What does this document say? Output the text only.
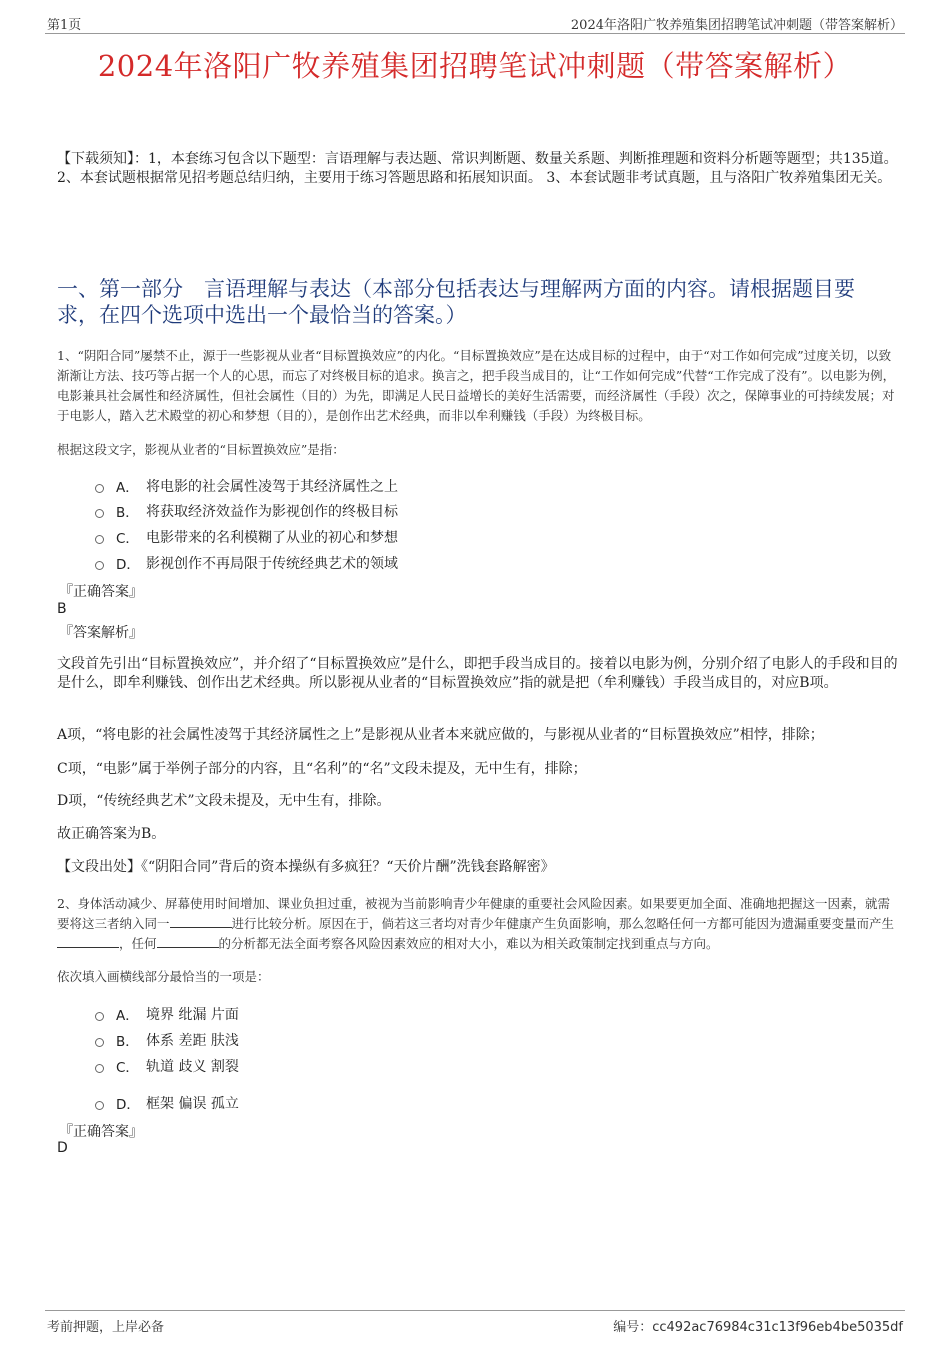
第1页	2024年洛阳广牧养殖集团招聘笔试冲刺题（带答案解析）
2024年洛阳广牧养殖集团招聘笔试冲刺题（带答案解析）
【下载须知】：1，本套练习包含以下题型：言语理解与表达题、常识判断题、数量关系题、判断推理题和资料分析题等题型；共135道。 2、本套试题根据常见招考题总结归纳，主要用于练习答题思路和拓展知识面。 3、本套试题非考试真题，且与洛阳广牧养殖集团无关。
一、第一部分　言语理解与表达（本部分包括表达与理解两方面的内容。请根据题目要求，在四个选项中选出一个最恰当的答案。）
1、“阴阳合同”屡禁不止，源于一些影视从业者“目标置换效应”的内化。“目标置换效应”是在达成目标的过程中，由于“对工作如何完成”过度关切，以致渐渐让方法、技巧等占据一个人的心思，而忘了对终极目标的追求。换言之，把手段当成目的，让“工作如何完成”代替“工作完成了没有”。以电影为例，电影兼具社会属性和经济属性，但社会属性（目的）为先，即满足人民日益增长的美好生活需要，而经济属性（手段）次之，保障事业的可持续发展；对于电影人，踏入艺术殿堂的初心和梦想（目的），是创作出艺术经典，而非以牟利赚钱（手段）为终极目标。
根据这段文字，影视从业者的“目标置换效应”是指：
A． 将电影的社会属性凌驾于其经济属性之上
B． 将获取经济效益作为影视创作的终极目标
C． 电影带来的名利模糊了从业的初心和梦想
D． 影视创作不再局限于传统经典艺术的领域
『正确答案』
B
『答案解析』
文段首先引出“目标置换效应”，并介绍了“目标置换效应”是什么，即把手段当成目的。接着以电影为例，分别介绍了电影人的手段和目的是什么，即牟利赚钱、创作出艺术经典。所以影视从业者的“目标置换效应”指的就是把（牟利赚钱）手段当成目的，对应B项。
A项，“将电影的社会属性凌驾于其经济属性之上”是影视从业者本来就应做的，与影视从业者的“目标置换效应”相悖，排除；
C项，“电影”属于举例子部分的内容，且“名利”的“名”文段未提及，无中生有，排除；
D项，“传统经典艺术”文段未提及，无中生有，排除。
故正确答案为B。
【文段出处】《“阴阳合同”背后的资本操纵有多疯狂？“天价片酬”洗钱套路解密》
2、身体活动减少、屏幕使用时间增加、课业负担过重，被视为当前影响青少年健康的重要社会风险因素。如果要更加全面、准确地把握这一因素，就需要将这三者纳入同一	进行比较分析。原因在于，倘若这三者均对青少年健康产生负面影响，那么忽略任何一方都可能因为遗漏重要变量而产生，任何	的分析都无法全面考察各风险因素效应的相对大小，难以为相关政策制定找到重点与方向。
依次填入画横线部分最恰当的一项是：
A． 境界 纰漏 片面
B． 体系 差距 肤浅
C． 轨道 歧义 割裂
D． 框架 偏误 孤立
『正确答案』
D
考前押题，上岸必备	编号：cc492ac76984c31c13f96eb4be5035df
